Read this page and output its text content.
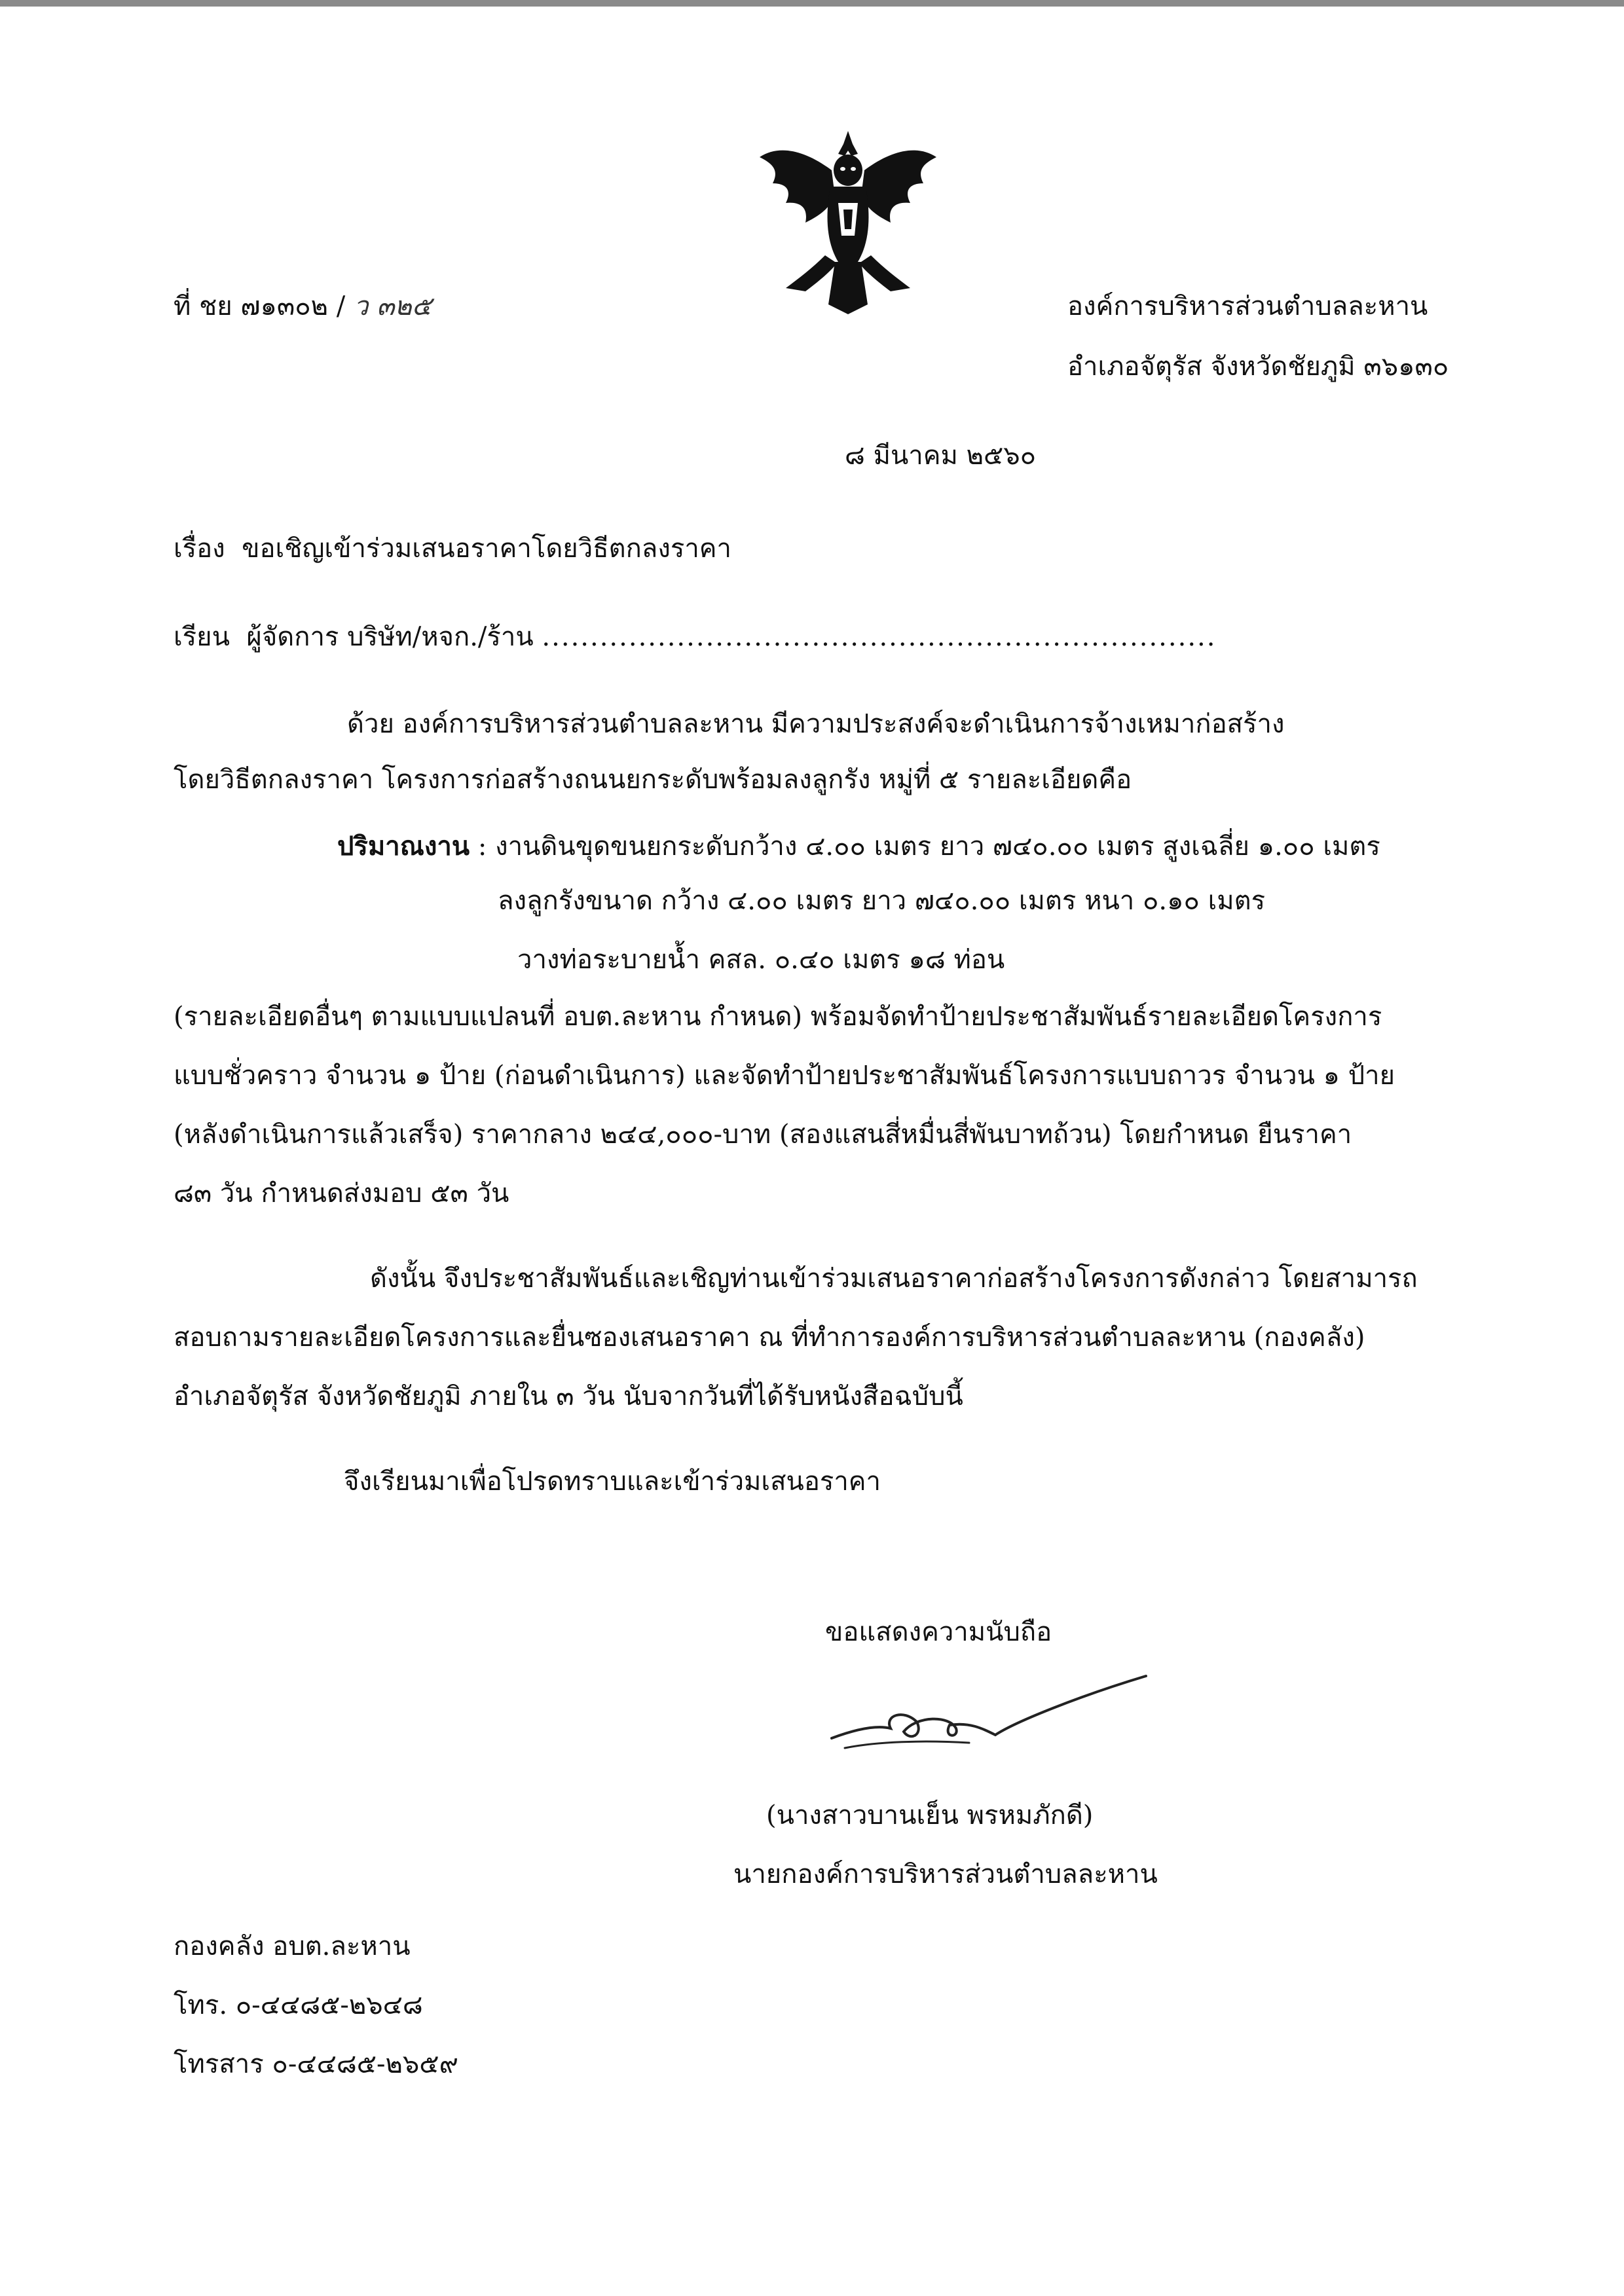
ที่ ชย ๗๑๓๐๒ / ว ๓๒๕	องค์การบริหารส่วนตำบลละหาน
อำเภอจัตุรัส จังหวัดชัยภูมิ ๓๖๑๓๐
๘ มีนาคม ๒๕๖๐
เรื่อง ขอเชิญเข้าร่วมเสนอราคาโดยวิธีตกลงราคา
เรียน ผู้จัดการ บริษัท/หจก./ร้าน ......................................................................
ด้วย องค์การบริหารส่วนตำบลละหาน มีความประสงค์จะดำเนินการจ้างเหมาก่อสร้าง
โดยวิธีตกลงราคา โครงการก่อสร้างถนนยกระดับพร้อมลงลูกรัง หมู่ที่ ๕ รายละเอียดคือ
ปริมาณงาน : งานดินขุดขนยกระดับกว้าง ๔.๐๐ เมตร ยาว ๗๔๐.๐๐ เมตร สูงเฉลี่ย ๑.๐๐ เมตร
ลงลูกรังขนาด กว้าง ๔.๐๐ เมตร ยาว ๗๔๐.๐๐ เมตร หนา ๐.๑๐ เมตร
วางท่อระบายน้ำ คสล. ๐.๔๐ เมตร ๑๘ ท่อน
(รายละเอียดอื่นๆ ตามแบบแปลนที่ อบต.ละหาน กำหนด) พร้อมจัดทำป้ายประชาสัมพันธ์รายละเอียดโครงการ
แบบชั่วคราว จำนวน ๑ ป้าย (ก่อนดำเนินการ) และจัดทำป้ายประชาสัมพันธ์โครงการแบบถาวร จำนวน ๑ ป้าย
(หลังดำเนินการแล้วเสร็จ) ราคากลาง ๒๔๔,๐๐๐-บาท (สองแสนสี่หมื่นสี่พันบาทถ้วน) โดยกำหนด ยืนราคา
๘๓ วัน กำหนดส่งมอบ ๕๓ วัน
ดังนั้น จึงประชาสัมพันธ์และเชิญท่านเข้าร่วมเสนอราคาก่อสร้างโครงการดังกล่าว โดยสามารถ
สอบถามรายละเอียดโครงการและยื่นซองเสนอราคา ณ ที่ทำการองค์การบริหารส่วนตำบลละหาน (กองคลัง)
อำเภอจัตุรัส จังหวัดชัยภูมิ ภายใน ๓ วัน นับจากวันที่ได้รับหนังสือฉบับนี้
จึงเรียนมาเพื่อโปรดทราบและเข้าร่วมเสนอราคา
ขอแสดงความนับถือ
(นางสาวบานเย็น พรหมภักดี)
นายกองค์การบริหารส่วนตำบลละหาน
กองคลัง อบต.ละหาน
โทร. ๐-๔๔๘๕-๒๖๔๘
โทรสาร ๐-๔๔๘๕-๒๖๕๙
